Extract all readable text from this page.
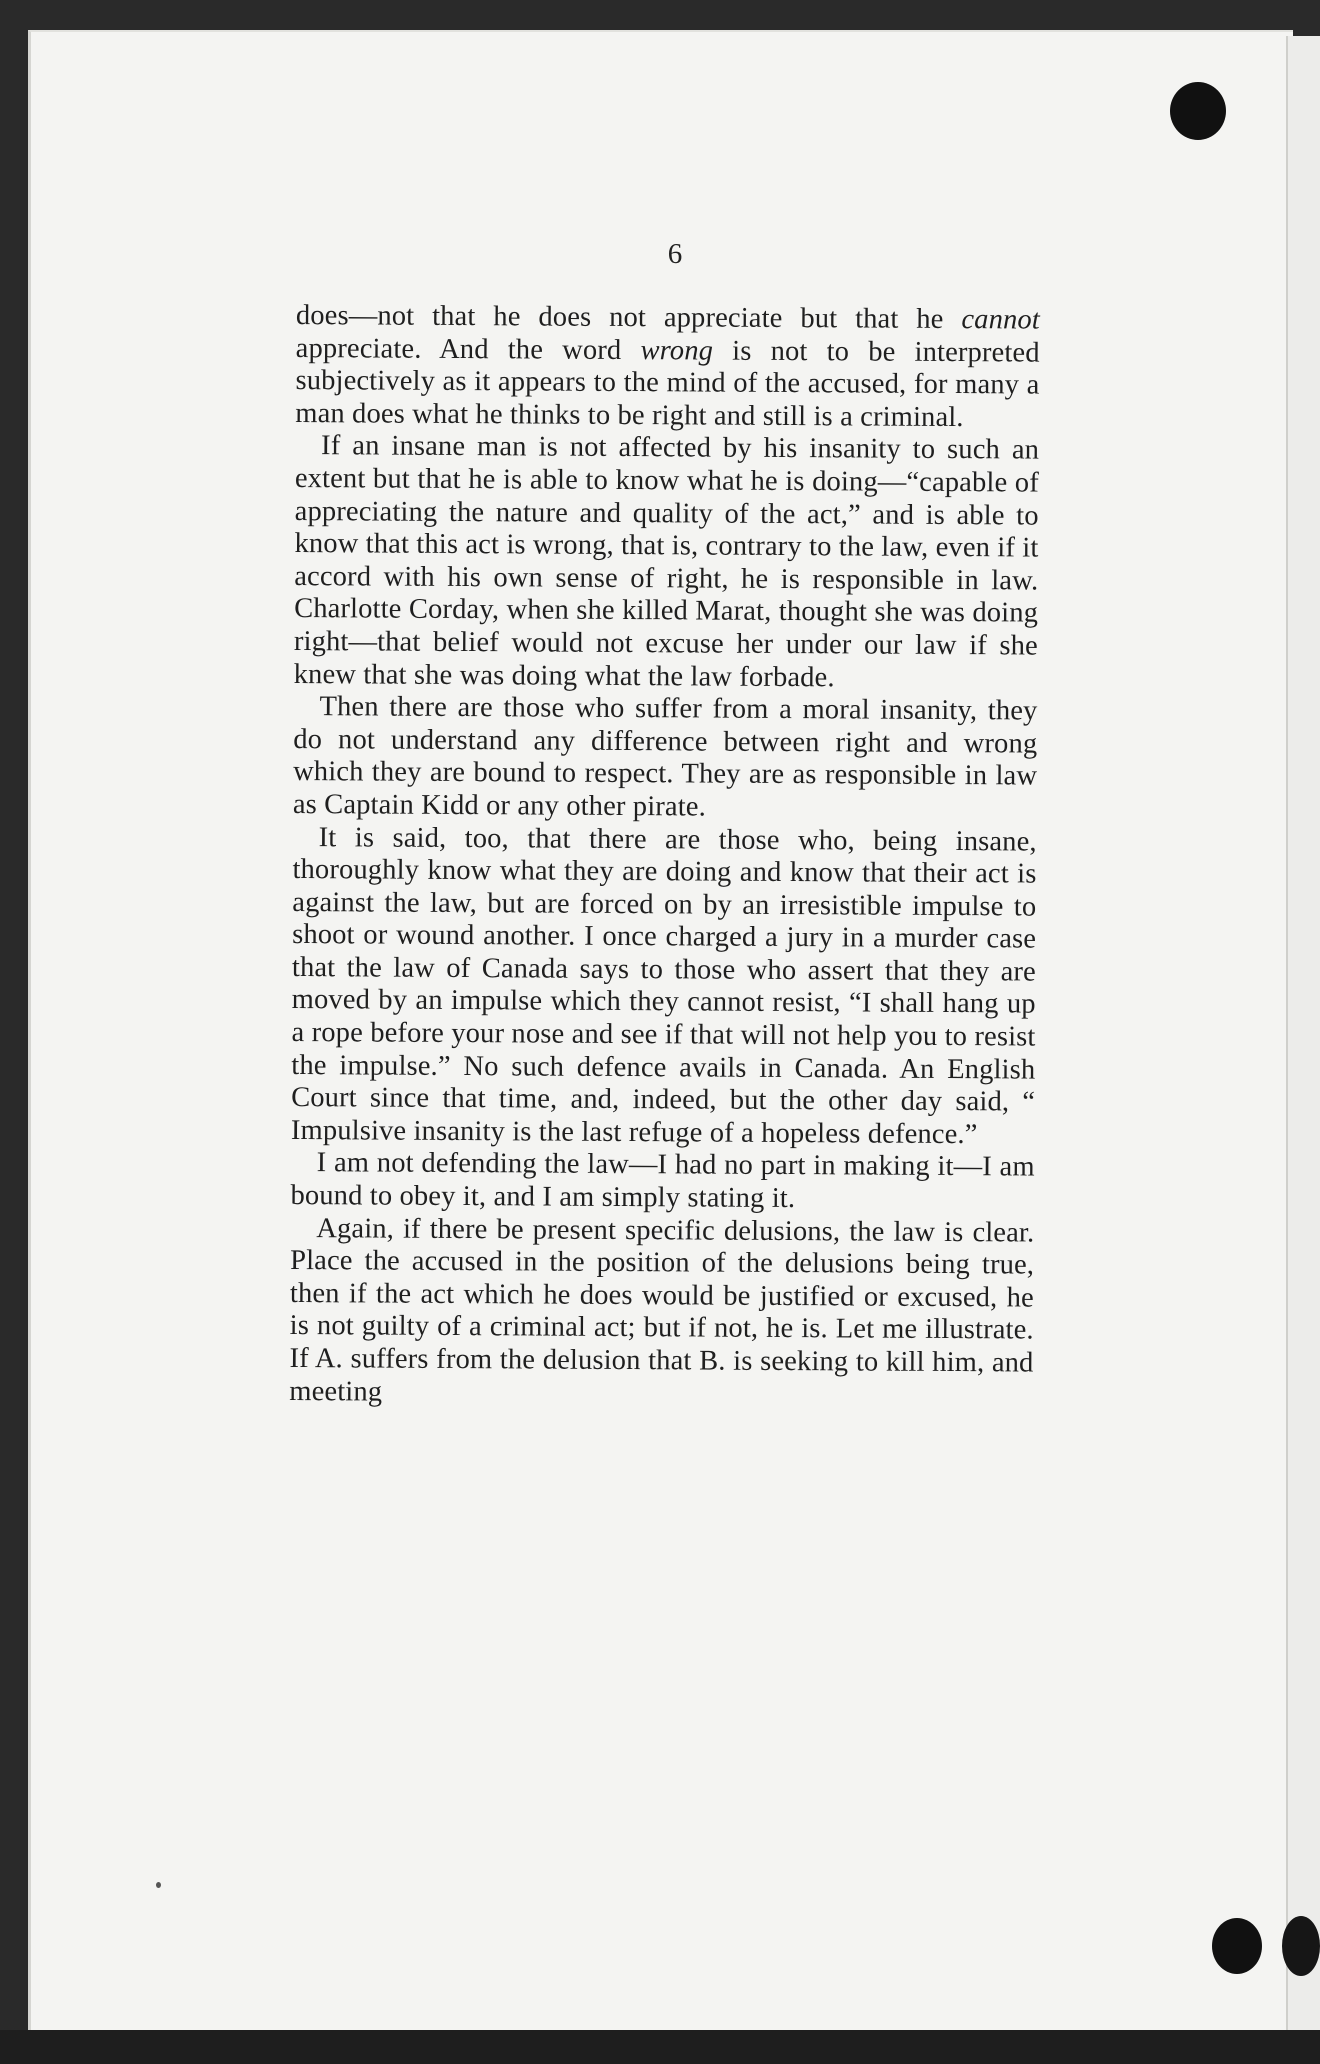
6

does—not that he does not appreciate but that he cannot appreciate. And the word wrong is not to be interpreted subjectively as it appears to the mind of the accused, for many a man does what he thinks to be right and still is a criminal.

If an insane man is not affected by his insanity to such an extent but that he is able to know what he is doing—“capable of appreciating the nature and quality of the act,” and is able to know that this act is wrong, that is, contrary to the law, even if it accord with his own sense of right, he is responsible in law. Charlotte Corday, when she killed Marat, thought she was doing right—that belief would not excuse her under our law if she knew that she was doing what the law forbade.

Then there are those who suffer from a moral insanity, they do not understand any difference between right and wrong which they are bound to respect. They are as responsible in law as Captain Kidd or any other pirate.

It is said, too, that there are those who, being insane, thoroughly know what they are doing and know that their act is against the law, but are forced on by an irresistible impulse to shoot or wound another. I once charged a jury in a murder case that the law of Canada says to those who assert that they are moved by an impulse which they cannot resist, “I shall hang up a rope before your nose and see if that will not help you to resist the impulse.” No such defence avails in Canada. An English Court since that time, and, indeed, but the other day said, “ Impulsive insanity is the last refuge of a hopeless defence.”

I am not defending the law—I had no part in making it—I am bound to obey it, and I am simply stating it.

Again, if there be present specific delusions, the law is clear. Place the accused in the position of the delusions being true, then if the act which he does would be justified or excused, he is not guilty of a criminal act; but if not, he is. Let me illustrate. If A. suffers from the delusion that B. is seeking to kill him, and meeting
